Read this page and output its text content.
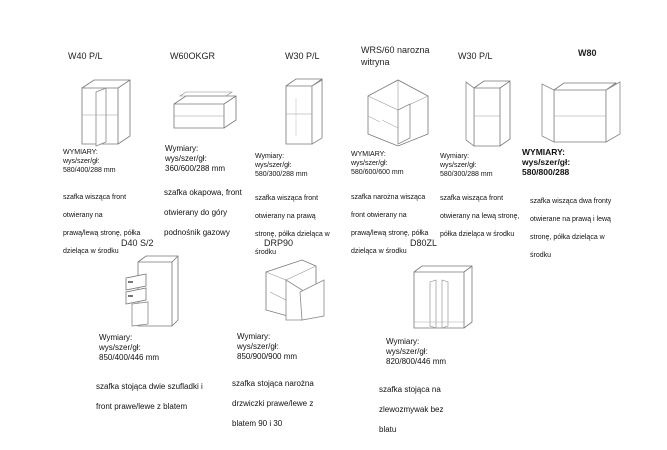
W40 P/L
WYMIARY:
wys/szer/gł:
580/400/288 mm

szafka wisząca front

otwierany na

prawą/lewą stronę, półka

dzieląca w środku

W60OKGR
Wymiary:
wys/szer/gł:
360/600/288 mm

szafka okapowa, front

otwierany do góry

podnośnik gazowy

W30 P/L
Wymiary:
wys/szer/gł:
580/300/288 mm

szafka wisząca front

otwierany na prawą

stronę, półka dzieląca w

środku

WRS/60 narozna
witryna
WYMIARY:
wys/szer/gł:
580/600/600 mm

szafka narożna wisząca

front otwierany na

prawą/lewą stronę, półka

dzieląca w środku

W30 P/L
Wymiary:
wys/szer/gł:
580/300/288 mm

szafka wisząca front

otwierany na lewą stronę,

półka dzieląca w środku

W80
WYMIARY:
wys/szer/gł:
580/800/288

szafka wisząca dwa fronty

otwierane na prawą i lewą

stronę, półka dzieląca w

środku

D40 S/2
Wymiary:
wys/szer/gł:
850/400/446 mm

szafka stojąca dwie szufladki i

front prawe/lewe z blatem

DRP90
Wymiary:
wys/szer/gł:
850/900/900 mm

szafka stojąca narożna

drzwiczki prawe/lewe z

blatem 90 i 30

D80ZL
Wymiary:
wys/szer/gł:
820/800/446 mm

szafka stojąca na

zlewozmywak bez

blatu
